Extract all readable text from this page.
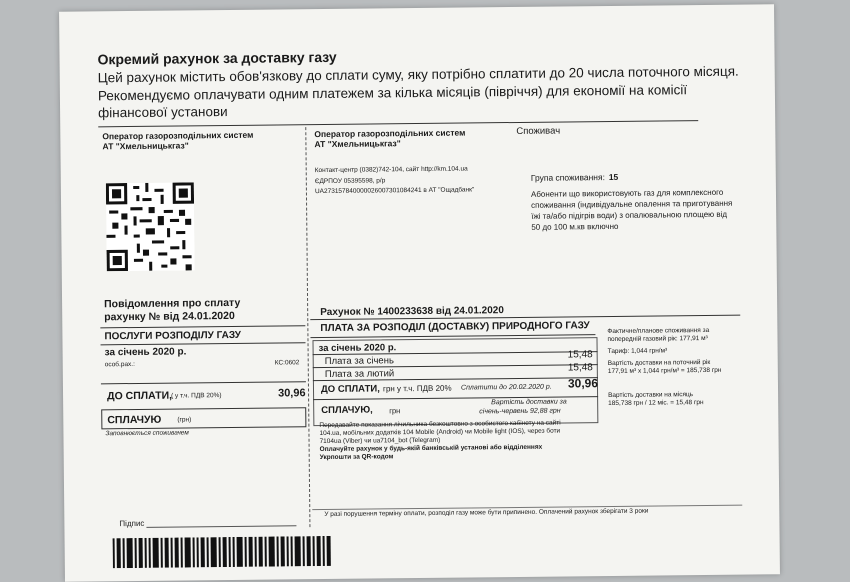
Окремий рахунок за доставку газу
Цей рахунок містить обов'язкову до сплати суму, яку потрібно сплатити до 20 числа поточного місяця.
Рекомендуємо оплачувати одним платежем за кілька місяців (півріччя) для економії на комісії
фінансової установи
Оператор газорозподільних систем
АТ "Хмельницькгаз"
Повідомлення про сплату
рахунку № від 24.01.2020
ПОСЛУГИ РОЗПОДІЛУ ГАЗУ
за січень 2020 р.
особ.рах.:	КС:0602
ДО СПЛАТИ,
( у т.ч. ПДВ 20%)	30,96
СПЛАЧУЮ (грн)
Заповнюється споживачем
Підпис
Оператор газорозподільних систем
АТ "Хмельницькгаз"
Споживач
Контакт-центр (0382)742-104, сайт http://km.104.ua
ЄДРПОУ 05395598, р/р
UA273157840000026007301084241 в АТ "Ощадбанк"
Група споживання: 15
Абоненти що використовують газ для комплексного
споживання (індивідуальне опалення та приготування
їжі та/або підігрів води) з опалювальною площею від
50 до 100 м.кв включно
Рахунок № 1400233638 від 24.01.2020
ПЛАТА ЗА РОЗПОДІЛ (ДОСТАВКУ) ПРИРОДНОГО ГАЗУ
за січень 2020 р.
Плата за січень
15,48
Плата за лютий
15,48
ДО СПЛАТИ, грн у т.ч. ПДВ 20% Сплатити до 20.02.2020 р. 30,96
СПЛАЧУЮ, грн
Вартість доставки за
січень-червень 92,88 грн
Передавайте показання лічильника безкоштовно з особистого кабінету на сайті
104.ua, мобільних додатків 104 Mobile (Android) чи Mobile light (IOS), через боти
7104ua (Viber) чи ua7104_bot (Telegram)
Оплачуйте рахунок у будь-якій банківській установі або відділеннях
Укрпошти за QR-кодом
У разі порушення терміну оплати, розподіл газу може бути припинено. Оплачений рахунок зберігати 3 роки
Фактичне/планове споживання за
попередній газовий рік: 177,91 м³
Тариф: 1,044 грн/м³
Вартість доставки на поточний рік
177,91 м³ х 1,044 грн/м³ = 185,738 грн
Вартість доставки на місяць
185,738 грн / 12 міс. = 15,48 грн
